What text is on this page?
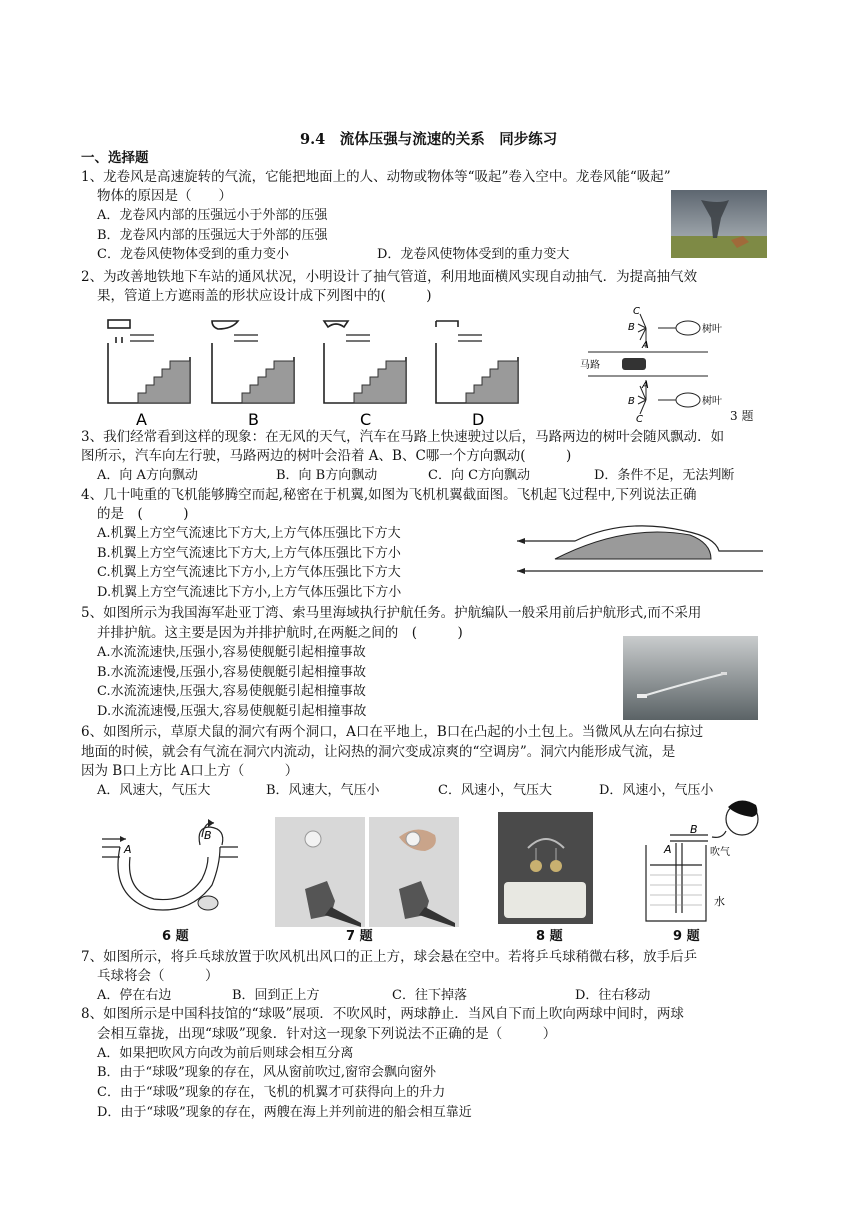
9.4　流体压强与流速的关系　同步练习
一、选择题
1、龙卷风是高速旋转的气流，它能把地面上的人、动物或物体等“吸起”卷入空中。龙卷风能“吸起”
物体的原因是（　　）
A．龙卷风内部的压强远小于外部的压强
B．龙卷风内部的压强远大于外部的压强
C．龙卷风使物体受到的重力变小	D．龙卷风使物体受到的重力变大
2、为改善地铁地下车站的通风状况，小明设计了抽气管道，利用地面横风实现自动抽气．为提高抽气效
果，管道上方遮雨盖的形状应设计成下列图中的(　　　)
A	B	C	D
C
B
A
马路
A
B
C
树叶
树叶
3 题
3、我们经常看到这样的现象：在无风的天气，汽车在马路上快速驶过以后，马路两边的树叶会随风飘动．如
图所示，汽车向左行驶，马路两边的树叶会沿着 A、B、C哪一个方向飘动(　　　)
A．向 A方向飘动	B．向 B方向飘动	C．向 C方向飘动	D．条件不足，无法判断
4、几十吨重的飞机能够腾空而起,秘密在于机翼,如图为飞机机翼截面图。飞机起飞过程中,下列说法正确
的是　(　　　)
A.机翼上方空气流速比下方大,上方气体压强比下方大
B.机翼上方空气流速比下方大,上方气体压强比下方小
C.机翼上方空气流速比下方小,上方气体压强比下方大
D.机翼上方空气流速比下方小,上方气体压强比下方小
5、如图所示为我国海军赴亚丁湾、索马里海域执行护航任务。护航编队一般采用前后护航形式,而不采用
并排护航。这主要是因为并排护航时,在两艇之间的　(　　　)
A.水流流速快,压强小,容易使舰艇引起相撞事故
B.水流流速慢,压强小,容易使舰艇引起相撞事故
C.水流流速快,压强大,容易使舰艇引起相撞事故
D.水流流速慢,压强大,容易使舰艇引起相撞事故
6、如图所示，草原犬鼠的洞穴有两个洞口，A口在平地上，B口在凸起的小土包上。当微风从左向右掠过
地面的时候，就会有气流在洞穴内流动，让闷热的洞穴变成凉爽的“空调房”。洞穴内能形成气流，是
因为 B口上方比 A口上方（　　　）
A．风速大，气压大	B．风速大，气压小	C．风速小，气压大	D．风速小，气压小
A
B	B
A	吹气
水
6 题	7 题	8 题	9 题
7、如图所示，将乒乓球放置于吹风机出风口的正上方，球会悬在空中。若将乒乓球稍微右移，放手后乒
乓球将会（　　　）
A．停在右边	B．回到正上方	C．往下掉落	D．往右移动
8、如图所示是中国科技馆的“球吸”展项．不吹风时，两球静止．当风自下而上吹向两球中间时，两球
会相互靠拢，出现“球吸”现象．针对这一现象下列说法不正确的是（　　　）
A．如果把吹风方向改为前后则球会相互分离
B．由于“球吸”现象的存在，风从窗前吹过,窗帘会飘向窗外
C．由于“球吸”现象的存在，飞机的机翼才可获得向上的升力
D．由于“球吸”现象的存在，两艘在海上并列前进的船会相互靠近
